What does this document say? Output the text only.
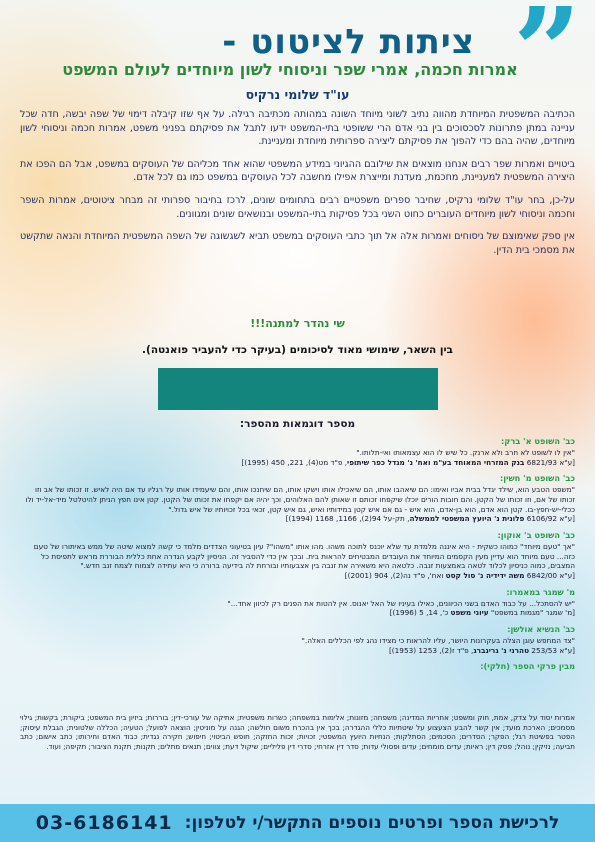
”
ציתות לציטוט -
אמרות חכמה, אמרי שפר וניסוחי לשון מיוחדים לעולם המשפט
עו"ד שלומי נרקיס

הכתיבה המשפטית המיוחדת מהווה נתיב לשוני מיוחד השונה במהותה מכתיבה רגילה. על אף שזו קיבלה דימוי של שפה יבשה, חדה שכל עניינה במתן פתרונות לסכסוכים בין בני אדם הרי ששופטי בתי-המשפט ידעו לתבל את פסיקתם בפניני משפט, אמרות חכמה וניסוחי לשון מיוחדים, שהיה בהם כדי להפוך את פסיקתם ליצירה ספרותית מיוחדת ומעניינת.

ביטויים ואמרות שפר רבים אנחנו מוצאים את שילובם ההגיוני במידע המשפטי שהוא אחד מכליהם של העוסקים במשפט, אבל הם הפכו את היצירה המשפטית למעניינת, מחכמת, מעדנת ומייצרת אפילו מחשבה לכל העוסקים במשפט כמו גם לכל אדם.

על-כן, בחר עו"ד שלומי נרקיס, שחיבר ספרים משפטיים רבים בתחומים שונים, לרכז בחיבור ספרותי זה מבחר ציטוטים, אמרות השפר וחכמה וניסוחי לשון מיוחדים העוברים כחוט השני בכל פסיקות בתי-המשפט ובנושאים שונים ומגוונים.

אין ספק שאימוצם של ניסוחים ואמרות אלה אל תוך כתבי העוסקים במשפט תביא לשגשוגה של השפה המשפטית המיוחדת והנאה שתקשט את מסמכי בית הדין.

שי נהדר למתנה!!!
בין השאר, שימושי מאוד לסיכומים (בעיקר כדי להעביר פואנטה).
מספר דוגמאות מהספר:
כב' השופט א' ברק:
"אין לו לשופט לא חרב ולא ארנק. כל שיש לו הוא עצמאותו ואי-תלותו."
[ע"א 6821/93 בנק המזרחי המאוחד בע"מ ואח' נ' מגדל כפר שיתופי, פ"ד מט(4), 221, 450 (1995)]
כב' השופט מ' חשין:
"משפט הטבע הוא, שילד יגדל בבית אביו ואימו: הם שיאהבו אותו, הם שיאכילו אותו וישקו אותו, הם שיחנכו אותו, והם שיעמידו אותו על רגליו עד אם היה לאיש. זו זכותו של אב וזו זכותו של אם, וזו זכותו של הקטן. והם חובות הורים יוכלו שיקפחו זכותם זו שאותן להם האלוהים, וכך יהיה אם יקפחו את זכותו של הקטן. קטן אינו חפץ הניתן להיטלטל מיד-אל-יד ולו ככלי-יש-חפץ-בו. קטן הוא אדם, הוא בן-אדם, הוא איש - גם אם איש קטן במידותיו ואיש, גם איש קטן, זכאי בכל זכויותיו של איש גדול."
[ע"א 6106/92 פלונית נ' היועץ המשפטי לממשלה, תק-על 94(2), 1166, 1168 (1994)]
כב' השופט ב' אוקון:
"אך "טעם מיוחד" כמוהו כשקית - היא איננה מלמדת עד שלא יוכנס לתוכה משהו. מהו אותו "משהו"? עיון בטיעוני הצדדים מלמד כי קשה למצוא שיטה של ממש באיתורו של טעם כזה... טעם מיוחד הוא עדיין מעין הקסמים המיוחד את העובדים המבטיחים להראות בית. ובכך אין כדי להסביר זה. הניסיון לקבע הגדרה אחת כללית הבוררת מראש לתפיסת כל המצבים, כמוה כניסיון לכלוד לטאה באמצעות זנבה. כלטאה היא משאירה את זנבה בין אצבעותיו ובורחת לה בידיעה ברורה כי היא עתידה לצמוח לצמח זנב חדש."
[ע"א 6842/00 משה ידידיה נ' סול קסט ואח', פ"ד נה(2), 904 (2001)]
מ' שמגר במאמרו:
"יש להסתכל... על כבוד האדם בשני הכיוונים, כאילו בעיניו של האל יאנוס. אין להטות את הפנים רק לכיוון אחד..."
[מ' שמגר "מגמות במשפט" עיוני משפט כ', 14, 5 (1996)]
כב' הנשיא אולשן:
"צד המחפש עוגן הצלה בעקרונות היושר, עליו להראות כי מצידו נהג לפי הכללים האלה."
[ע"א 253/53 טהרני נ' גרינברג, פ"ד ז(2), 1253 (1953)]
מבין פרקי הספר (חלקי):
אמרות יסוד על צדק, אמת, חוק ומשפט; אחריות המדינה; משפחה; מזונות; אלימות במשפחה; כשרות משפטית; אתיקה של עורכי-דין; בוררות; ביזיון בית המשפט; ביקורת; בקשות; גילוי מסמכים; הארכת מועד; אין קשר להבע הצעצוע על שיטתיות כללי ההגדרה; בכך אין בהכרח משום חולשה; הגנה על מוניטין; הוצאה לפועל; הטעיה; הכללה שלטונית; הגבלת עיסוק; הפטר בפשיטת רגל; הפקר; הסדרים; הסכמים; הסתלקות; הנחיות היועץ המשפטי; זכויות; זכות החזקה; חופש הביטוי; חיפוש; חקירה נגדית; כבוד האדם וחירותו; כתב אישום; כתב תביעה; נזיקין; נוהל; פסק דין; ראיות; עדים מומחים; עדים ופסולי עדות; סדר דין אזרחי; סדרי דין פליליים; שיקול דעת; צווים; תנאים מתלים; תקנות; תקנת הציבור; תקיפה; ועוד.
לרכישת הספר ופרטים נוספים התקשר/י לטלפון:
03-6186141
